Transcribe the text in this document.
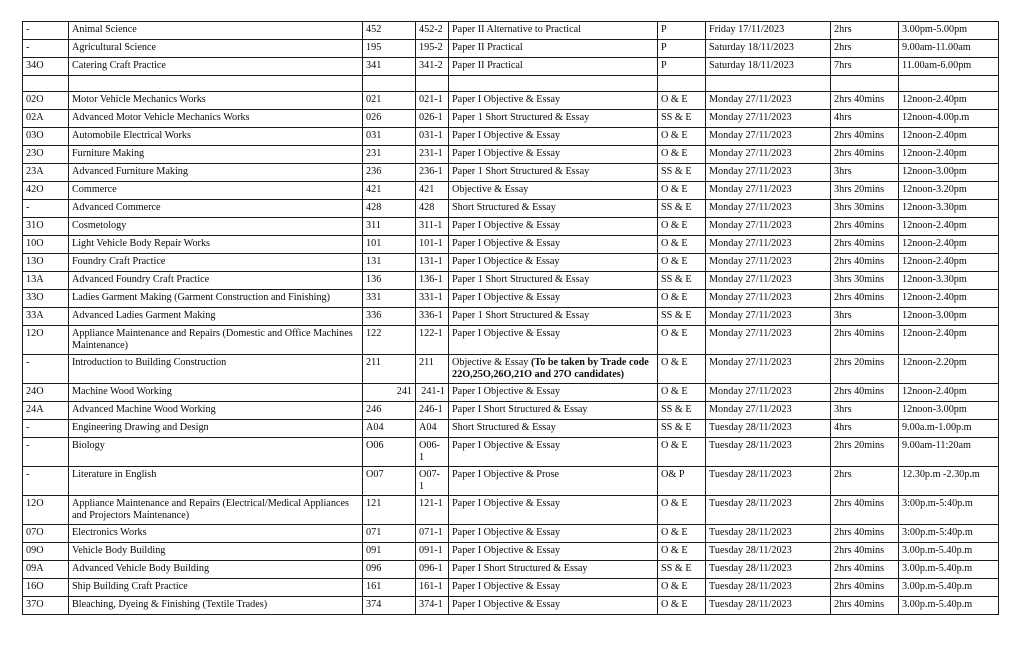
-	Animal Science	452	452-2	Paper II Alternative to Practical	P	Friday 17/11/2023	2hrs	3.00pm-5.00pm
-	Agricultural Science	195	195-2	Paper II Practical	P	Saturday 18/11/2023	2hrs	9.00am-11.00am
34O	Catering Craft Practice	341	341-2	Paper II Practical	P	Saturday 18/11/2023	7hrs	11.00am-6.00pm

02O	Motor Vehicle Mechanics Works	021	021-1	Paper I Objective & Essay	O & E	Monday 27/11/2023	2hrs 40mins	12noon-2.40pm
02A	Advanced Motor Vehicle Mechanics Works	026	026-1	Paper 1 Short Structured & Essay	SS & E	Monday 27/11/2023	4hrs	12noon-4.00p.m
03O	Automobile Electrical Works	031	031-1	Paper I Objective & Essay	O & E	Monday 27/11/2023	2hrs 40mins	12noon-2.40pm
23O	Furniture Making	231	231-1	Paper I Objective & Essay	O & E	Monday 27/11/2023	2hrs 40mins	12noon-2.40pm
23A	Advanced Furniture Making	236	236-1	Paper 1 Short Structured & Essay	SS & E	Monday 27/11/2023	3hrs	12noon-3.00pm
42O	Commerce	421	421	Objective & Essay	O & E	Monday 27/11/2023	3hrs 20mins	12noon-3.20pm
-	Advanced Commerce	428	428	Short Structured & Essay	SS & E	Monday 27/11/2023	3hrs 30mins	12noon-3.30pm
31O	Cosmetology	311	311-1	Paper I Objective & Essay	O & E	Monday 27/11/2023	2hrs 40mins	12noon-2.40pm
10O	Light Vehicle Body Repair Works	101	101-1	Paper I Objective & Essay	O & E	Monday 27/11/2023	2hrs 40mins	12noon-2.40pm
13O	Foundry Craft Practice	131	131-1	Paper I Objectice & Essay	O & E	Monday 27/11/2023	2hrs 40mins	12noon-2.40pm
13A	Advanced Foundry Craft Practice	136	136-1	Paper 1 Short Structured & Essay	SS & E	Monday 27/11/2023	3hrs 30mins	12noon-3.30pm
33O	Ladies Garment Making (Garment Construction and Finishing)	331	331-1	Paper I Objective & Essay	O & E	Monday 27/11/2023	2hrs 40mins	12noon-2.40pm
33A	Advanced Ladies Garment Making	336	336-1	Paper 1 Short Structured & Essay	SS & E	Monday 27/11/2023	3hrs	12noon-3.00pm
12O	Appliance Maintenance and Repairs (Domestic and Office Machines Maintenance)	122	122-1	Paper I Objective & Essay	O & E	Monday 27/11/2023	2hrs 40mins	12noon-2.40pm
-	Introduction to Building Construction	211	211	Objective & Essay (To be taken by Trade code 22O,25O,26O,21O and 27O candidates)	O & E	Monday 27/11/2023	2hrs 20mins	12noon-2.20pm
24O	Machine Wood Working	241	241-1	Paper I Objective & Essay	O & E	Monday 27/11/2023	2hrs 40mins	12noon-2.40pm
24A	Advanced Machine Wood Working	246	246-1	Paper I Short Structured & Essay	SS & E	Monday 27/11/2023	3hrs	12noon-3.00pm
-	Engineering Drawing and Design	A04	A04	Short Structured & Essay	SS & E	Tuesday 28/11/2023	4hrs	9.00a.m-1.00p.m
-	Biology	O06	O06-1	Paper I Objective & Essay	O & E	Tuesday 28/11/2023	2hrs 20mins	9.00am-11:20am
-	Literature in English	O07	O07-1	Paper I Objective & Prose	O& P	Tuesday 28/11/2023	2hrs	12.30p.m -2.30p.m
12O	Appliance Maintenance and Repairs (Electrical/Medical Appliances and Projectors Maintenance)	121	121-1	Paper I Objective & Essay	O & E	Tuesday 28/11/2023	2hrs 40mins	3:00p.m-5:40p.m
07O	Electronics Works	071	071-1	Paper I Objective & Essay	O & E	Tuesday 28/11/2023	2hrs 40mins	3:00p.m-5:40p.m
09O	Vehicle Body Building	091	091-1	Paper I Objective & Essay	O & E	Tuesday 28/11/2023	2hrs 40mins	3.00p.m-5.40p.m
09A	Advanced Vehicle Body Building	096	096-1	Paper I Short Structured & Essay	SS & E	Tuesday 28/11/2023	2hrs 40mins	3.00p.m-5.40p.m
16O	Ship Building Craft Practice	161	161-1	Paper I Objective & Essay	O & E	Tuesday 28/11/2023	2hrs 40mins	3.00p.m-5.40p.m
37O	Bleaching, Dyeing & Finishing (Textile Trades)	374	374-1	Paper I Objective & Essay	O & E	Tuesday 28/11/2023	2hrs 40mins	3.00p.m-5.40p.m
